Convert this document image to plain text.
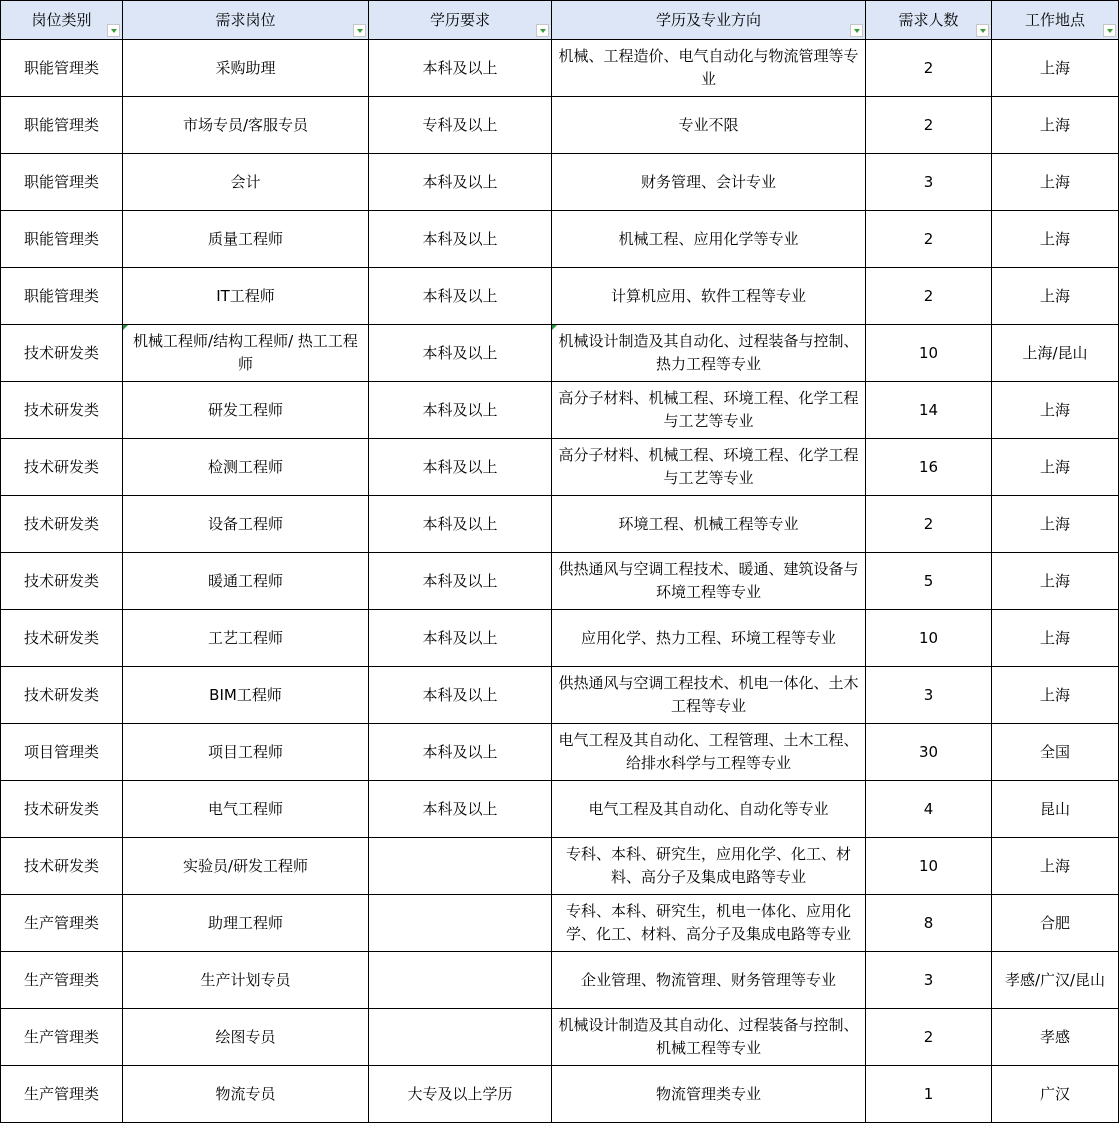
岗位类别	需求岗位	学历要求	学历及专业方向	需求人数	工作地点

职能管理类	采购助理	本科及以上	机械、工程造价、电气自动化与物流管理等专业	2	上海

职能管理类	市场专员/客服专员	专科及以上	专业不限	2	上海

职能管理类	会计	本科及以上	财务管理、会计专业	3	上海

职能管理类	质量工程师	本科及以上	机械工程、应用化学等专业	2	上海

职能管理类	IT工程师	本科及以上	计算机应用、软件工程等专业	2	上海

技术研发类	机械工程师/结构工程师/ 热工工程师	本科及以上	机械设计制造及其自动化、过程装备与控制、热力工程等专业	10	上海/昆山

技术研发类	研发工程师	本科及以上	高分子材料、机械工程、环境工程、化学工程与工艺等专业	14	上海

技术研发类	检测工程师	本科及以上	高分子材料、机械工程、环境工程、化学工程与工艺等专业	16	上海

技术研发类	设备工程师	本科及以上	环境工程、机械工程等专业	2	上海

技术研发类	暖通工程师	本科及以上	供热通风与空调工程技术、暖通、建筑设备与环境工程等专业	5	上海

技术研发类	工艺工程师	本科及以上	应用化学、热力工程、环境工程等专业	10	上海

技术研发类	BIM工程师	本科及以上	供热通风与空调工程技术、机电一体化、土木工程等专业	3	上海

项目管理类	项目工程师	本科及以上	电气工程及其自动化、工程管理、土木工程、给排水科学与工程等专业	30	全国

技术研发类	电气工程师	本科及以上	电气工程及其自动化、自动化等专业	4	昆山

技术研发类	实验员/研发工程师		专科、本科、研究生，应用化学、化工、材料、高分子及集成电路等专业	10	上海

生产管理类	助理工程师		专科、本科、研究生，机电一体化、应用化学、化工、材料、高分子及集成电路等专业	8	合肥

生产管理类	生产计划专员		企业管理、物流管理、财务管理等专业	3	孝感/广汉/昆山

生产管理类	绘图专员		机械设计制造及其自动化、过程装备与控制、机械工程等专业	2	孝感

生产管理类	物流专员	大专及以上学历	物流管理类专业	1	广汉
